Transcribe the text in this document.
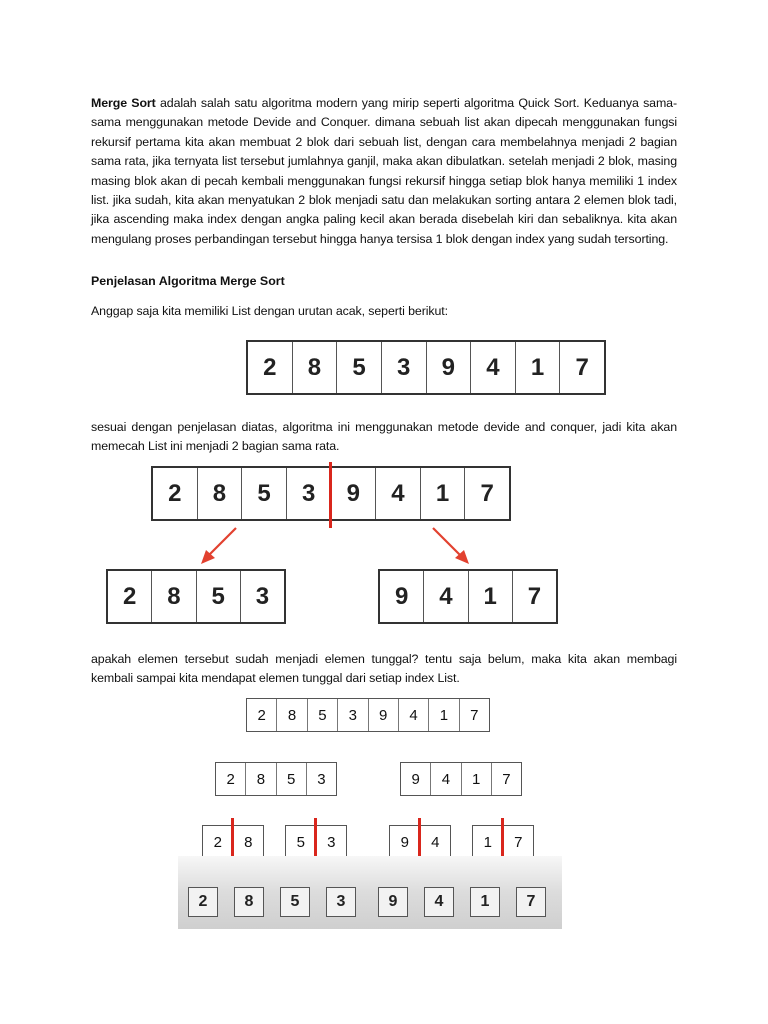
Merge Sort adalah salah satu algoritma modern yang mirip seperti algoritma Quick Sort. Keduanya sama-sama menggunakan metode Devide and Conquer. dimana sebuah list akan dipecah menggunakan fungsi rekursif pertama kita akan membuat 2 blok dari sebuah list, dengan cara membelahnya menjadi 2 bagian sama rata, jika ternyata list tersebut jumlahnya ganjil, maka akan dibulatkan. setelah menjadi 2 blok, masing masing blok akan di pecah kembali menggunakan fungsi rekursif hingga setiap blok hanya memiliki 1 index list. jika sudah, kita akan menyatukan 2 blok menjadi satu dan melakukan sorting antara 2 elemen blok tadi, jika ascending maka index dengan angka paling kecil akan berada disebelah kiri dan sebaliknya. kita akan mengulang proses perbandingan tersebut hingga hanya tersisa 1 blok dengan index yang sudah tersorting.

Penjelasan Algoritma Merge Sort

Anggap saja kita memiliki List dengan urutan acak, seperti berikut:

2	8	5	3	9	4	1	7

sesuai dengan penjelasan diatas, algoritma ini menggunakan metode devide and conquer, jadi kita akan memecah List ini menjadi 2 bagian sama rata.

2	8	5	3	9	4	1	7
2	8	5	3	9	4	1	7

apakah elemen tersebut sudah menjadi elemen tunggal? tentu saja belum, maka kita akan membagi kembali sampai kita mendapat elemen tunggal dari setiap index List.

2	8	5	3	9	4	1	7
2	8	5	3	9	4	1	7
2	8	5	3	9	4	1	7
2	8	5	3	9	4	1	7
